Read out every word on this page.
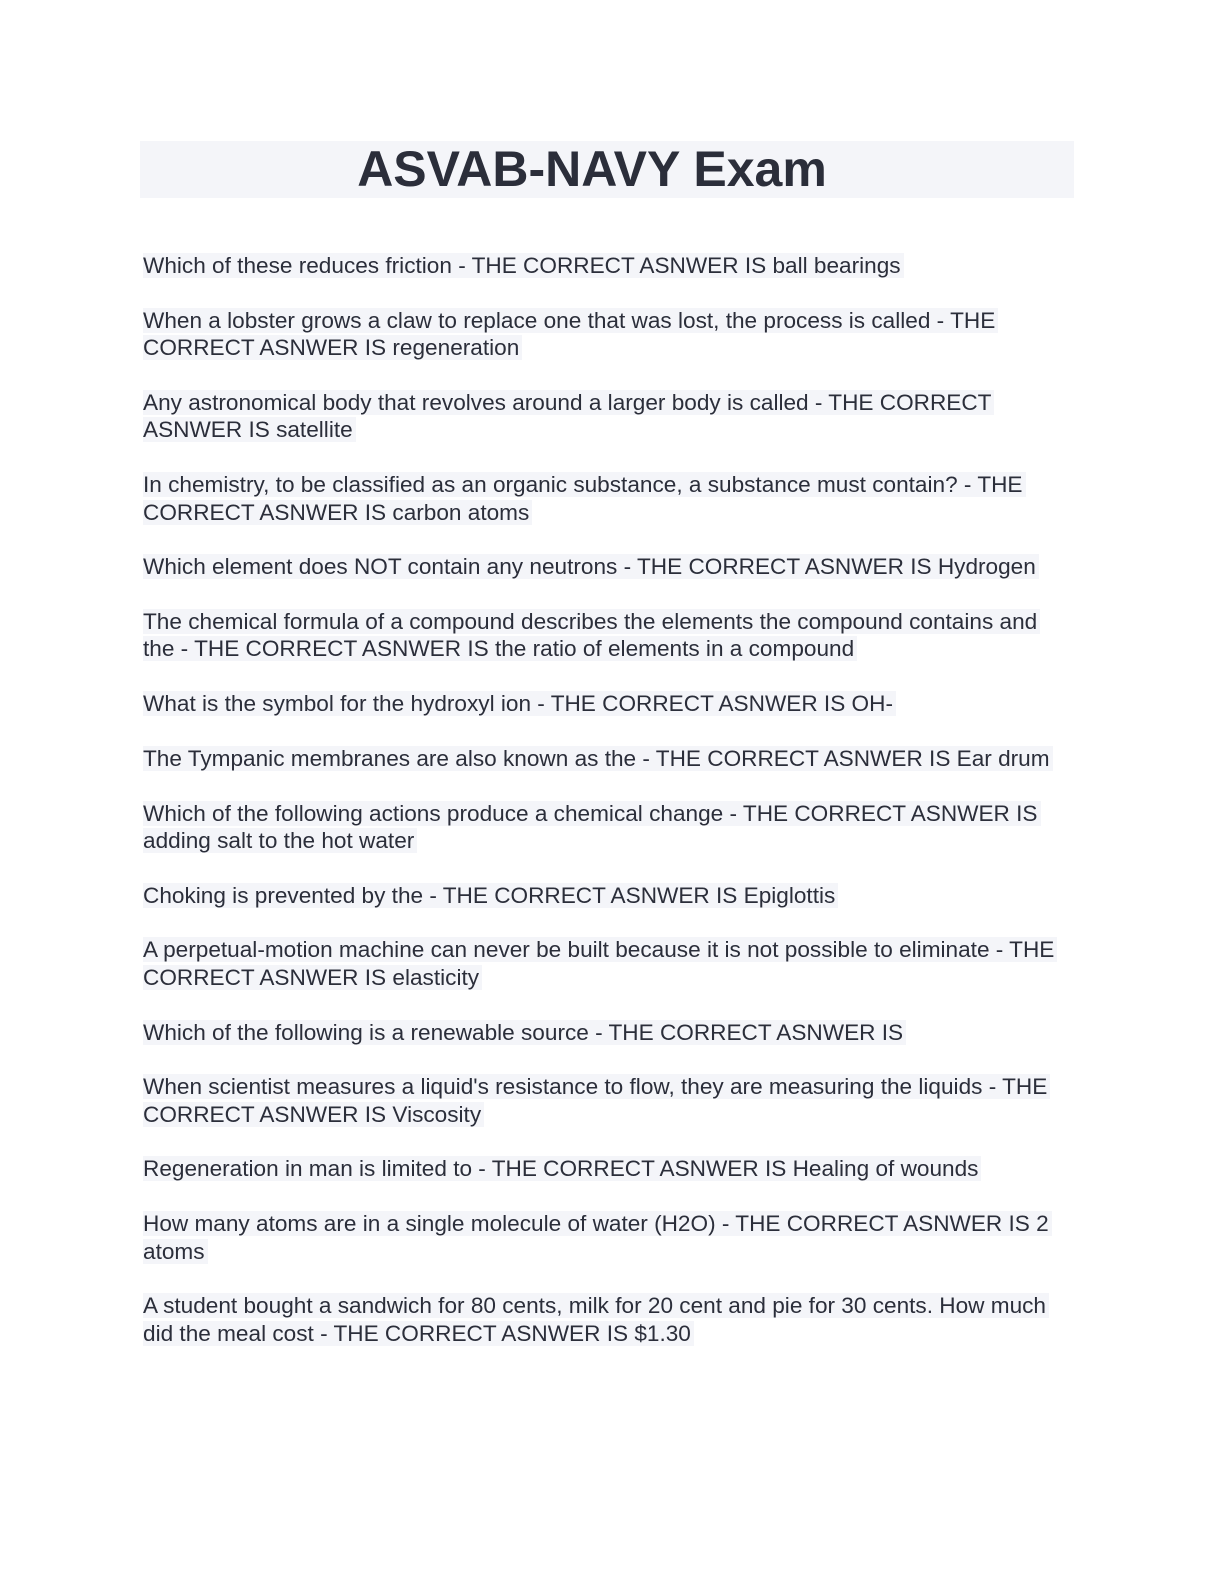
ASVAB-NAVY Exam
Which of these reduces friction - THE CORRECT ASNWER IS ball bearings
When a lobster grows a claw to replace one that was lost, the process is called - THE CORRECT ASNWER IS regeneration
Any astronomical body that revolves around a larger body is called - THE CORRECT ASNWER IS satellite
In chemistry, to be classified as an organic substance, a substance must contain? - THE CORRECT ASNWER IS carbon atoms
Which element does NOT contain any neutrons - THE CORRECT ASNWER IS Hydrogen
The chemical formula of a compound describes the elements the compound contains and the - THE CORRECT ASNWER IS the ratio of elements in a compound
What is the symbol for the hydroxyl ion - THE CORRECT ASNWER IS OH-
The Tympanic membranes are also known as the - THE CORRECT ASNWER IS Ear drum
Which of the following actions produce a chemical change - THE CORRECT ASNWER IS adding salt to the hot water
Choking is prevented by the - THE CORRECT ASNWER IS Epiglottis
A perpetual-motion machine can never be built because it is not possible to eliminate - THE CORRECT ASNWER IS elasticity
Which of the following is a renewable source - THE CORRECT ASNWER IS
When scientist measures a liquid's resistance to flow, they are measuring the liquids - THE CORRECT ASNWER IS Viscosity
Regeneration in man is limited to - THE CORRECT ASNWER IS Healing of wounds
How many atoms are in a single molecule of water (H2O) - THE CORRECT ASNWER IS 2 atoms
A student bought a sandwich for 80 cents, milk for 20 cent and pie for 30 cents. How much did the meal cost - THE CORRECT ASNWER IS $1.30
